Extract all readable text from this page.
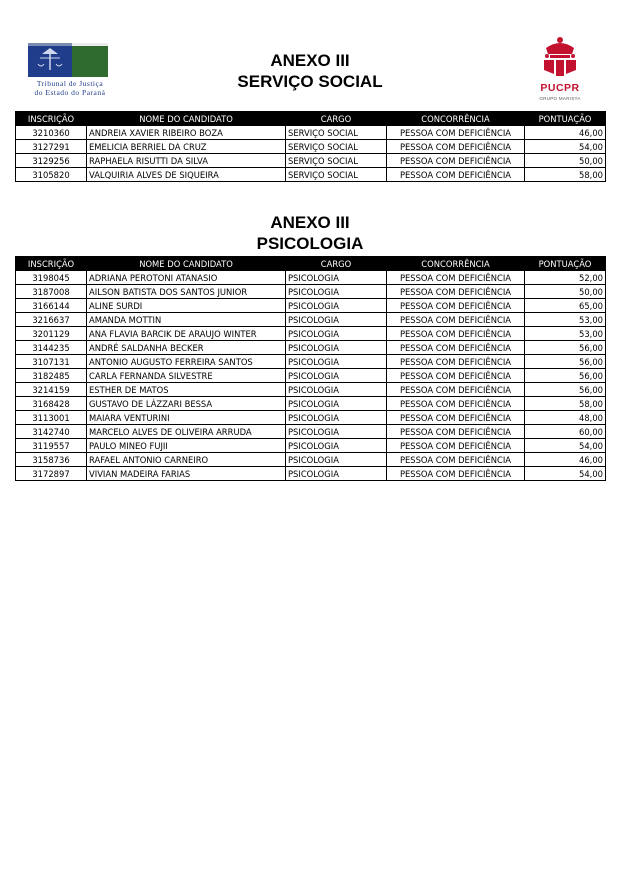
Tribunal de Justiça
do Estado do Paraná	PUCPR
GRUPO MARISTA
ANEXO III
SERVIÇO SOCIAL
INSCRIÇÃO	NOME DO CANDIDATO	CARGO	CONCORRÊNCIA	PONTUAÇÃO
3210360	ANDREIA XAVIER RIBEIRO BOZA	SERVIÇO SOCIAL	PESSOA COM DEFICIÊNCIA	46,00
3127291	EMELICIA BERRIEL DA CRUZ	SERVIÇO SOCIAL	PESSOA COM DEFICIÊNCIA	54,00
3129256	RAPHAELA RISUTTI DA SILVA	SERVIÇO SOCIAL	PESSOA COM DEFICIÊNCIA	50,00
3105820	VALQUIRIA ALVES DE SIQUEIRA	SERVIÇO SOCIAL	PESSOA COM DEFICIÊNCIA	58,00
ANEXO III
PSICOLOGIA
INSCRIÇÃO	NOME DO CANDIDATO	CARGO	CONCORRÊNCIA	PONTUAÇÃO
3198045	ADRIANA PEROTONI ATANASIO	PSICOLOGIA	PESSOA COM DEFICIÊNCIA	52,00
3187008	AILSON BATISTA DOS SANTOS JUNIOR	PSICOLOGIA	PESSOA COM DEFICIÊNCIA	50,00
3166144	ALINE SURDI	PSICOLOGIA	PESSOA COM DEFICIÊNCIA	65,00
3216637	AMANDA MOTTIN	PSICOLOGIA	PESSOA COM DEFICIÊNCIA	53,00
3201129	ANA FLAVIA BARCIK DE ARAUJO WINTER	PSICOLOGIA	PESSOA COM DEFICIÊNCIA	53,00
3144235	ANDRÉ SALDANHA BECKER	PSICOLOGIA	PESSOA COM DEFICIÊNCIA	56,00
3107131	ANTONIO AUGUSTO FERREIRA SANTOS	PSICOLOGIA	PESSOA COM DEFICIÊNCIA	56,00
3182485	CARLA FERNANDA SILVESTRE	PSICOLOGIA	PESSOA COM DEFICIÊNCIA	56,00
3214159	ESTHER DE MATOS	PSICOLOGIA	PESSOA COM DEFICIÊNCIA	56,00
3168428	GUSTAVO DE LÁZZARI BESSA	PSICOLOGIA	PESSOA COM DEFICIÊNCIA	58,00
3113001	MAIARA VENTURINI	PSICOLOGIA	PESSOA COM DEFICIÊNCIA	48,00
3142740	MARCELO ALVES DE OLIVEIRA ARRUDA	PSICOLOGIA	PESSOA COM DEFICIÊNCIA	60,00
3119557	PAULO MINEO FUJII	PSICOLOGIA	PESSOA COM DEFICIÊNCIA	54,00
3158736	RAFAEL ANTONIO CARNEIRO	PSICOLOGIA	PESSOA COM DEFICIÊNCIA	46,00
3172897	VIVIAN MADEIRA FARIAS	PSICOLOGIA	PESSOA COM DEFICIÊNCIA	54,00
